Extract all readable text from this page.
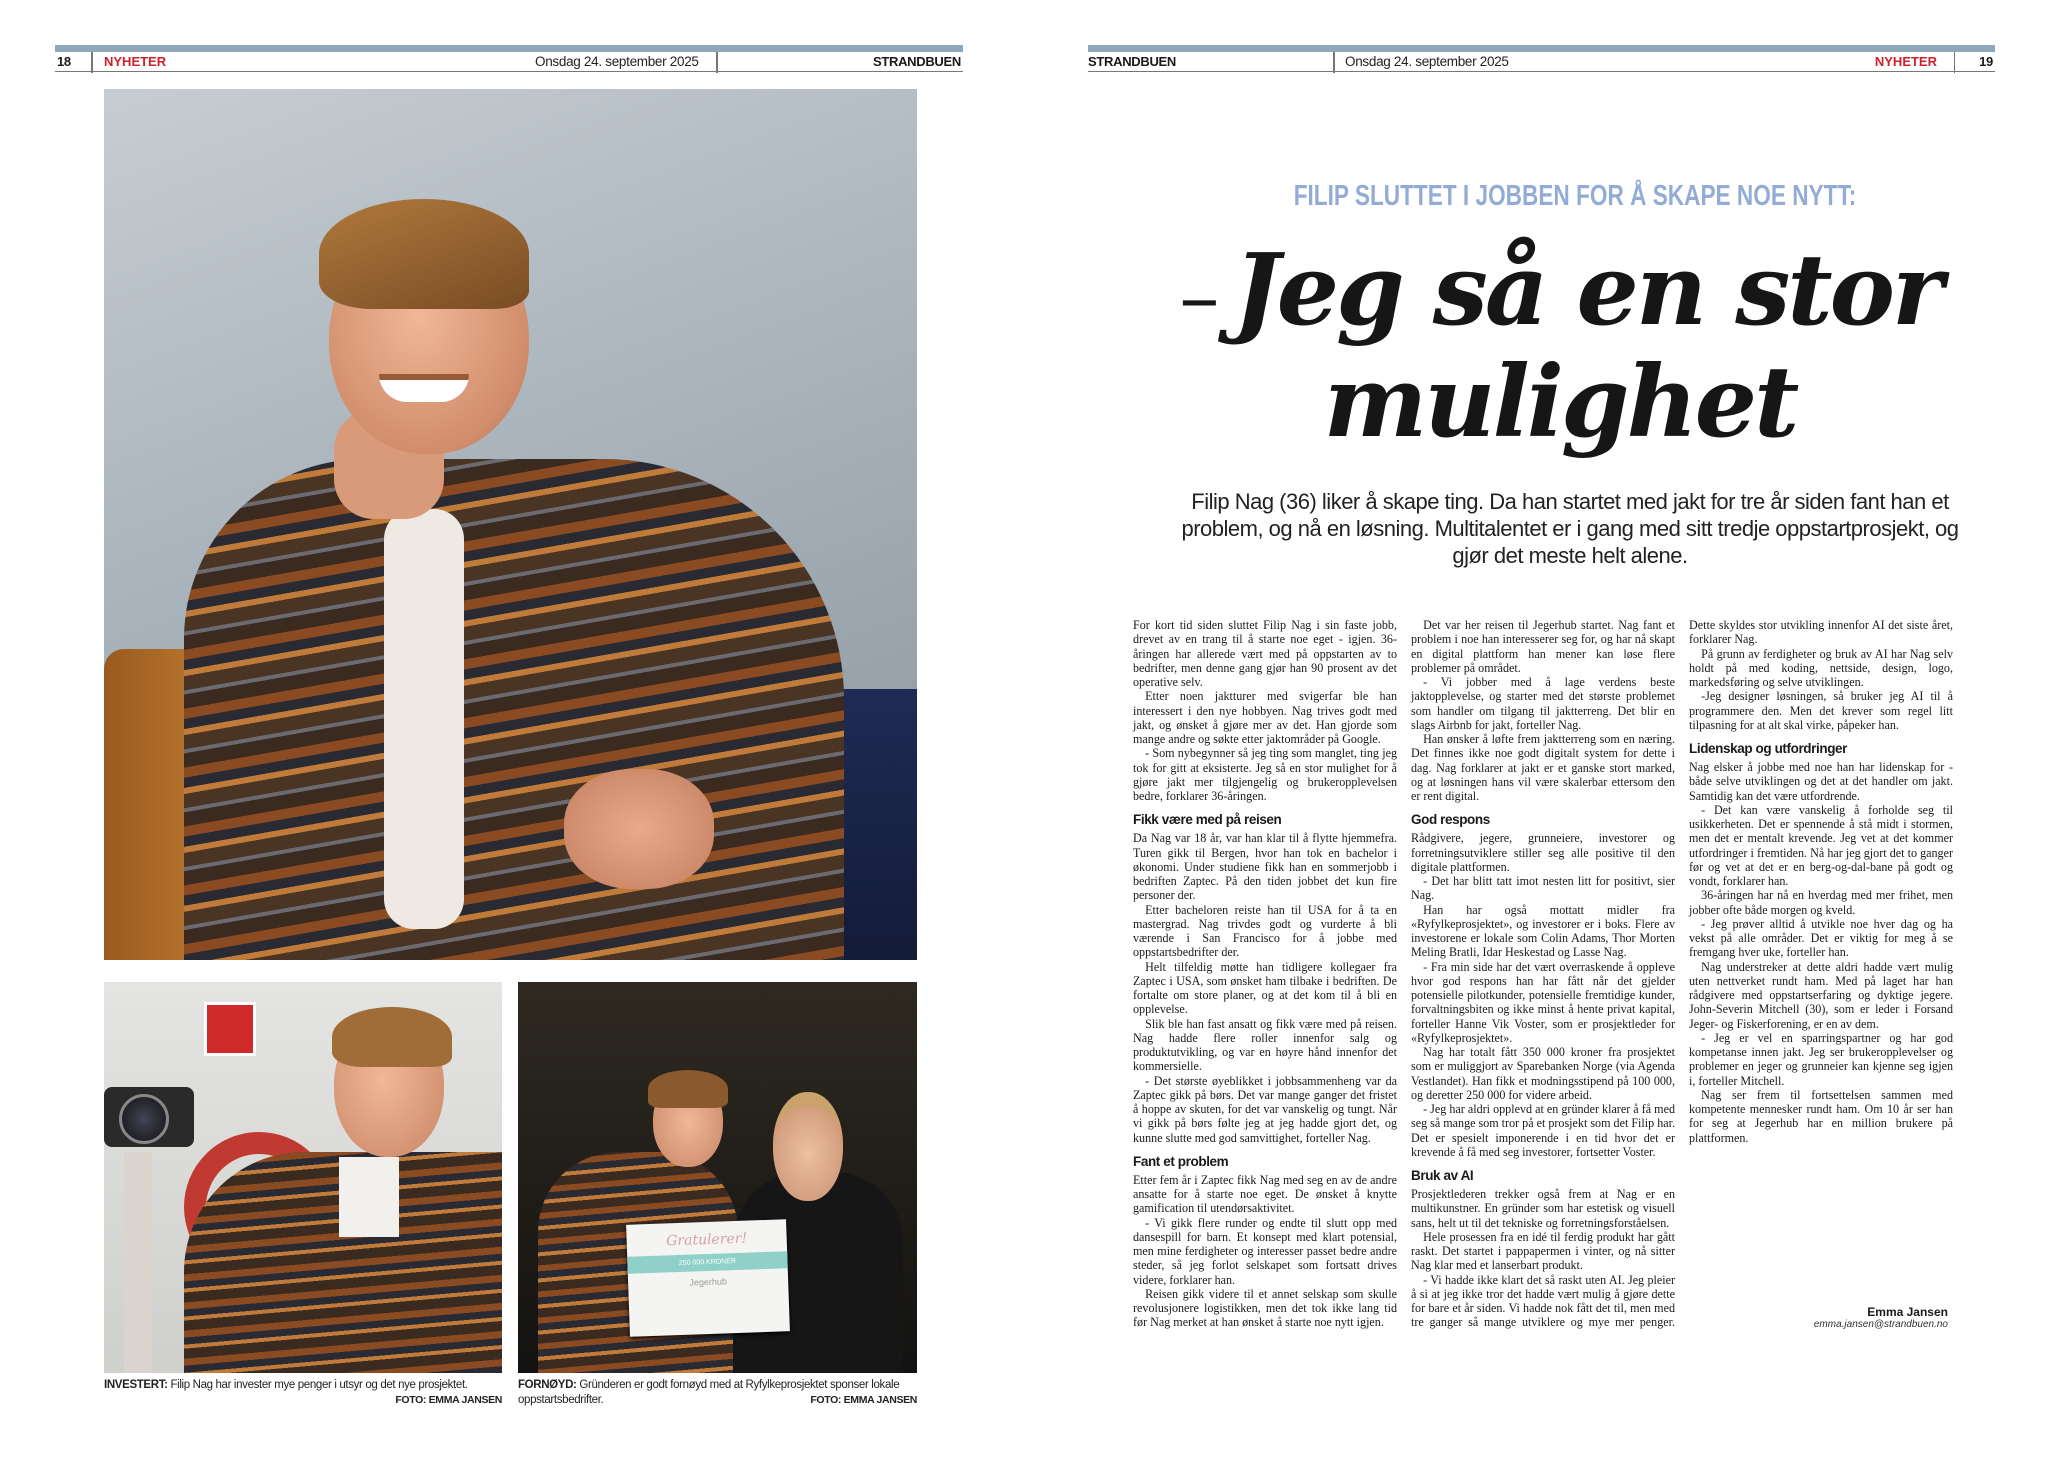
18	NYHETER	Onsdag 24. september 2025	STRANDBUEN	STRANDBUEN	Onsdag 24. september 2025	NYHETER	19
INVESTERT: Filip Nag har invester mye penger i utsyr og det nye prosjektet.
FOTO: EMMA JANSEN
Gratulerer!
250 000 KRONER
Jegerhub
FORNØYD: Gründeren er godt fornøyd med at Ryfylkeprosjektet sponser lokale oppstartsbedrifter.	FOTO: EMMA JANSEN
FILIP SLUTTET I JOBBEN FOR Å SKAPE NOE NYTT:
– Jeg så en stor mulighet
Filip Nag (36) liker å skape ting. Da han startet med jakt for tre år siden fant han et problem, og nå en løsning. Multitalentet er i gang med sitt tredje oppstartprosjekt, og gjør det meste helt alene.

For kort tid siden sluttet Filip Nag i sin faste jobb, drevet av en trang til å starte noe eget - igjen. 36-åringen har allerede vært med på oppstarten av to bedrifter, men denne gang gjør han 90 prosent av det operative selv.

Etter noen jaktturer med svigerfar ble han interessert i den nye hobbyen. Nag trives godt med jakt, og ønsket å gjøre mer av det. Han gjorde som mange andre og søkte etter jaktområder på Google.

- Som nybegynner så jeg ting som manglet, ting jeg tok for gitt at eksisterte. Jeg så en stor mulighet for å gjøre jakt mer tilgjengelig og brukeropplevelsen bedre, forklarer 36-åringen.

Fikk være med på reisen

Da Nag var 18 år, var han klar til å flytte hjemmefra. Turen gikk til Bergen, hvor han tok en bachelor i økonomi. Under studiene fikk han en sommerjobb i bedriften Zaptec. På den tiden jobbet det kun fire personer der.

Etter bacheloren reiste han til USA for å ta en mastergrad. Nag trivdes godt og vurderte å bli værende i San Francisco for å jobbe med oppstartsbedrifter der.

Helt tilfeldig møtte han tidligere kollegaer fra Zaptec i USA, som ønsket ham tilbake i bedriften. De fortalte om store planer, og at det kom til å bli en opplevelse.

Slik ble han fast ansatt og fikk være med på reisen. Nag hadde flere roller innenfor salg og produktutvikling, og var en høyre hånd innenfor det kommersielle.

- Det største øyeblikket i jobbsammenheng var da Zaptec gikk på børs. Det var mange ganger det fristet å hoppe av skuten, for det var vanskelig og tungt. Når vi gikk på børs følte jeg at jeg hadde gjort det, og kunne slutte med god samvittighet, forteller Nag.

Fant et problem

Etter fem år i Zaptec fikk Nag med seg en av de andre ansatte for å starte noe eget. De ønsket å knytte gamification til utendørsaktivitet.

- Vi gikk flere runder og endte til slutt opp med dansespill for barn. Et konsept med klart potensial, men mine ferdigheter og interesser passet bedre andre steder, så jeg forlot selskapet som fortsatt drives videre, forklarer han.

Reisen gikk videre til et annet selskap som skulle revolusjonere logistikken, men det tok ikke lang tid før Nag merket at han ønsket å starte noe nytt igjen.

Det var her reisen til Jegerhub startet. Nag fant et problem i noe han interesserer seg for, og har nå skapt en digital plattform han mener kan løse flere problemer på området.

- Vi jobber med å lage verdens beste jaktopplevelse, og starter med det største problemet som handler om tilgang til jaktterreng. Det blir en slags Airbnb for jakt, forteller Nag.

Han ønsker å løfte frem jaktterreng som en næring. Det finnes ikke noe godt digitalt system for dette i dag. Nag forklarer at jakt er et ganske stort marked, og at løsningen hans vil være skalerbar ettersom den er rent digital.

God respons

Rådgivere, jegere, grunneiere, investorer og forretningsutviklere stiller seg alle positive til den digitale plattformen.

- Det har blitt tatt imot nesten litt for positivt, sier Nag.

Han har også mottatt midler fra «Ryfylkeprosjektet», og investorer er i boks. Flere av investorene er lokale som Colin Adams, Thor Morten Meling Bratli, Idar Heskestad og Lasse Nag.

- Fra min side har det vært overraskende å oppleve hvor god respons han har fått når det gjelder potensielle pilotkunder, potensielle fremtidige kunder, forvaltningsbiten og ikke minst å hente privat kapital, forteller Hanne Vik Voster, som er prosjektleder for «Ryfylkeprosjektet».

Nag har totalt fått 350 000 kroner fra prosjektet som er muliggjort av Sparebanken Norge (via Agenda Vestlandet). Han fikk et modningsstipend på 100 000, og deretter 250 000 for videre arbeid.

- Jeg har aldri opplevd at en gründer klarer å få med seg så mange som tror på et prosjekt som det Filip har. Det er spesielt imponerende i en tid hvor det er krevende å få med seg investorer, fortsetter Voster.

Bruk av AI

Prosjektlederen trekker også frem at Nag er en multikunstner. En gründer som har estetisk og visuell sans, helt ut til det tekniske og forretningsforståelsen.

Hele prosessen fra en idé til ferdig produkt har gått raskt. Det startet i pappapermen i vinter, og nå sitter Nag klar med et lanserbart produkt.

- Vi hadde ikke klart det så raskt uten AI. Jeg pleier å si at jeg ikke tror det hadde vært mulig å gjøre dette for bare et år siden. Vi hadde nok fått det til, men med tre ganger så mange utviklere og mye mer penger. Dette skyldes stor utvikling innenfor AI det siste året, forklarer Nag.

På grunn av ferdigheter og bruk av AI har Nag selv holdt på med koding, nettside, design, logo, markedsføring og selve utviklingen.

-Jeg designer løsningen, så bruker jeg AI til å programmere den. Men det krever som regel litt tilpasning for at alt skal virke, påpeker han.

Lidenskap og utfordringer

Nag elsker å jobbe med noe han har lidenskap for - både selve utviklingen og det at det handler om jakt. Samtidig kan det være utfordrende.

- Det kan være vanskelig å forholde seg til usikkerheten. Det er spennende å stå midt i stormen, men det er mentalt krevende. Jeg vet at det kommer utfordringer i fremtiden. Nå har jeg gjort det to ganger før og vet at det er en berg-og-dal-bane på godt og vondt, forklarer han.

36-åringen har nå en hverdag med mer frihet, men jobber ofte både morgen og kveld.

- Jeg prøver alltid å utvikle noe hver dag og ha vekst på alle områder. Det er viktig for meg å se fremgang hver uke, forteller han.

Nag understreker at dette aldri hadde vært mulig uten nettverket rundt ham. Med på laget har han rådgivere med oppstartserfaring og dyktige jegere. John-Severin Mitchell (30), som er leder i Forsand Jeger- og Fiskerforening, er en av dem.

- Jeg er vel en sparringspartner og har god kompetanse innen jakt. Jeg ser brukeropplevelser og problemer en jeger og grunneier kan kjenne seg igjen i, forteller Mitchell.

Nag ser frem til fortsettelsen sammen med kompetente mennesker rundt ham. Om 10 år ser han for seg at Jegerhub har en million brukere på plattformen.

Emma Jansen
emma.jansen@strandbuen.no
